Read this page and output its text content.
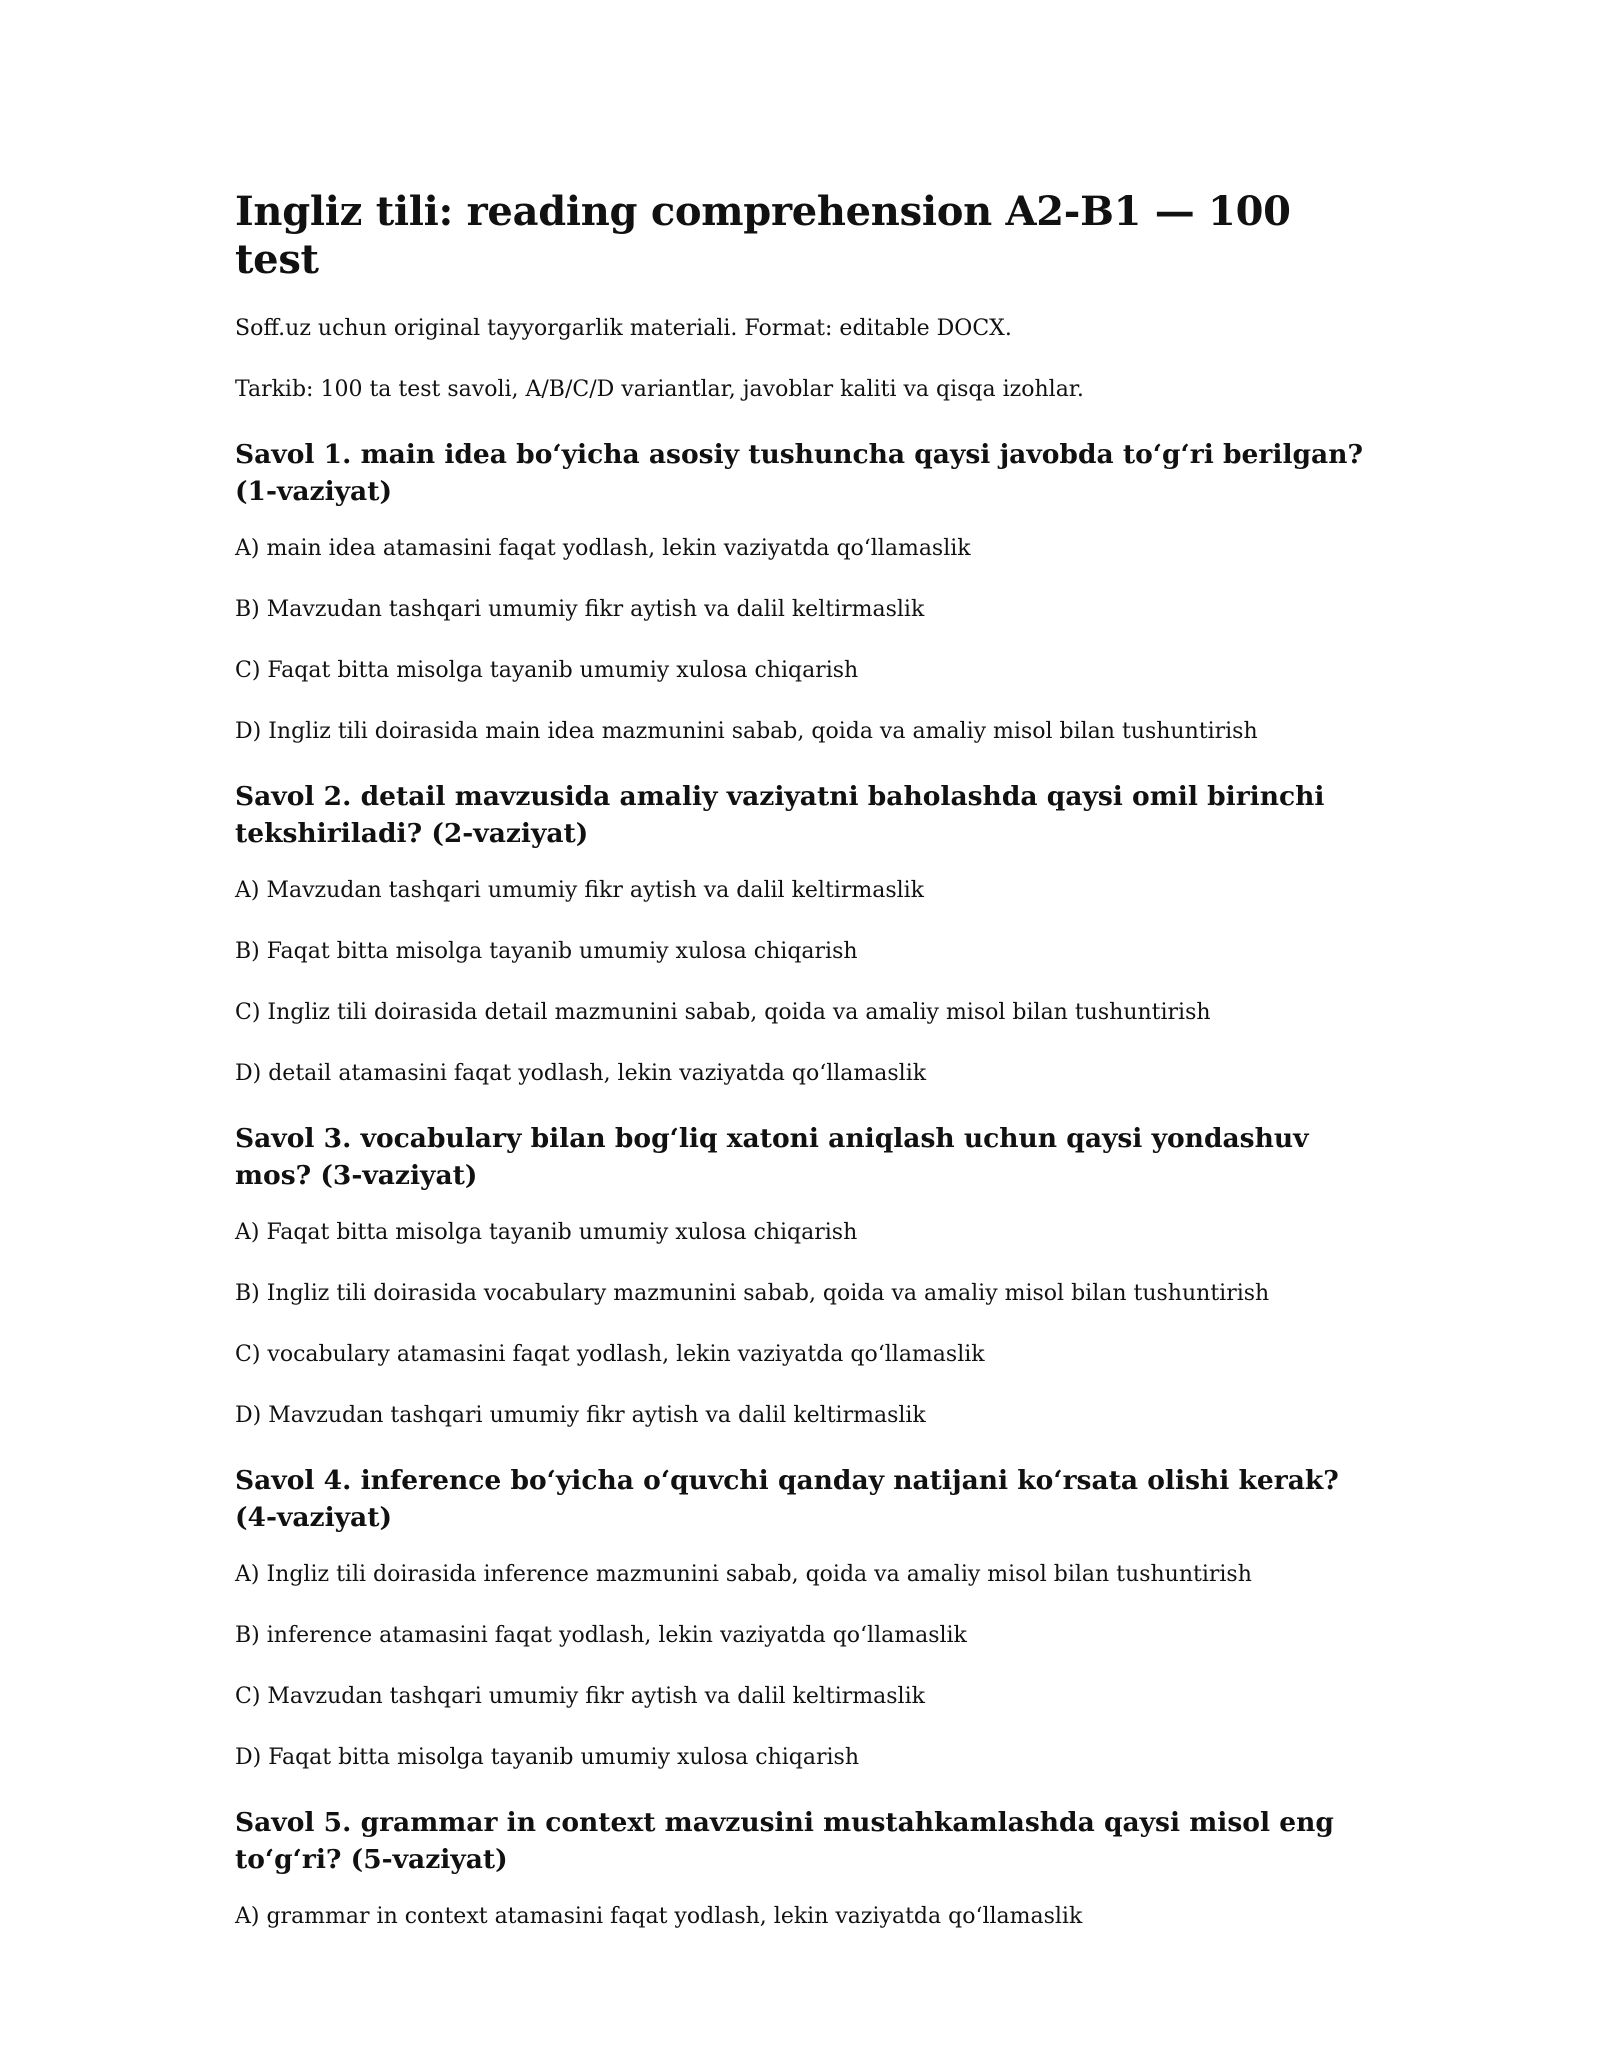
Ingliz tili: reading comprehension A2-B1 — 100 test

Soff.uz uchun original tayyorgarlik materiali. Format: editable DOCX.

Tarkib: 100 ta test savoli, A/B/C/D variantlar, javoblar kaliti va qisqa izohlar.

Savol 1. main idea bo‘yicha asosiy tushuncha qaysi javobda to‘g‘ri berilgan? (1-vaziyat)

A) main idea atamasini faqat yodlash, lekin vaziyatda qo‘llamaslik

B) Mavzudan tashqari umumiy fikr aytish va dalil keltirmaslik

C) Faqat bitta misolga tayanib umumiy xulosa chiqarish

D) Ingliz tili doirasida main idea mazmunini sabab, qoida va amaliy misol bilan tushuntirish

Savol 2. detail mavzusida amaliy vaziyatni baholashda qaysi omil birinchi tekshiriladi? (2-vaziyat)

A) Mavzudan tashqari umumiy fikr aytish va dalil keltirmaslik

B) Faqat bitta misolga tayanib umumiy xulosa chiqarish

C) Ingliz tili doirasida detail mazmunini sabab, qoida va amaliy misol bilan tushuntirish

D) detail atamasini faqat yodlash, lekin vaziyatda qo‘llamaslik

Savol 3. vocabulary bilan bog‘liq xatoni aniqlash uchun qaysi yondashuv mos? (3-vaziyat)

A) Faqat bitta misolga tayanib umumiy xulosa chiqarish

B) Ingliz tili doirasida vocabulary mazmunini sabab, qoida va amaliy misol bilan tushuntirish

C) vocabulary atamasini faqat yodlash, lekin vaziyatda qo‘llamaslik

D) Mavzudan tashqari umumiy fikr aytish va dalil keltirmaslik

Savol 4. inference bo‘yicha o‘quvchi qanday natijani ko‘rsata olishi kerak? (4-vaziyat)

A) Ingliz tili doirasida inference mazmunini sabab, qoida va amaliy misol bilan tushuntirish

B) inference atamasini faqat yodlash, lekin vaziyatda qo‘llamaslik

C) Mavzudan tashqari umumiy fikr aytish va dalil keltirmaslik

D) Faqat bitta misolga tayanib umumiy xulosa chiqarish

Savol 5. grammar in context mavzusini mustahkamlashda qaysi misol eng to‘g‘ri? (5-vaziyat)

A) grammar in context atamasini faqat yodlash, lekin vaziyatda qo‘llamaslik
